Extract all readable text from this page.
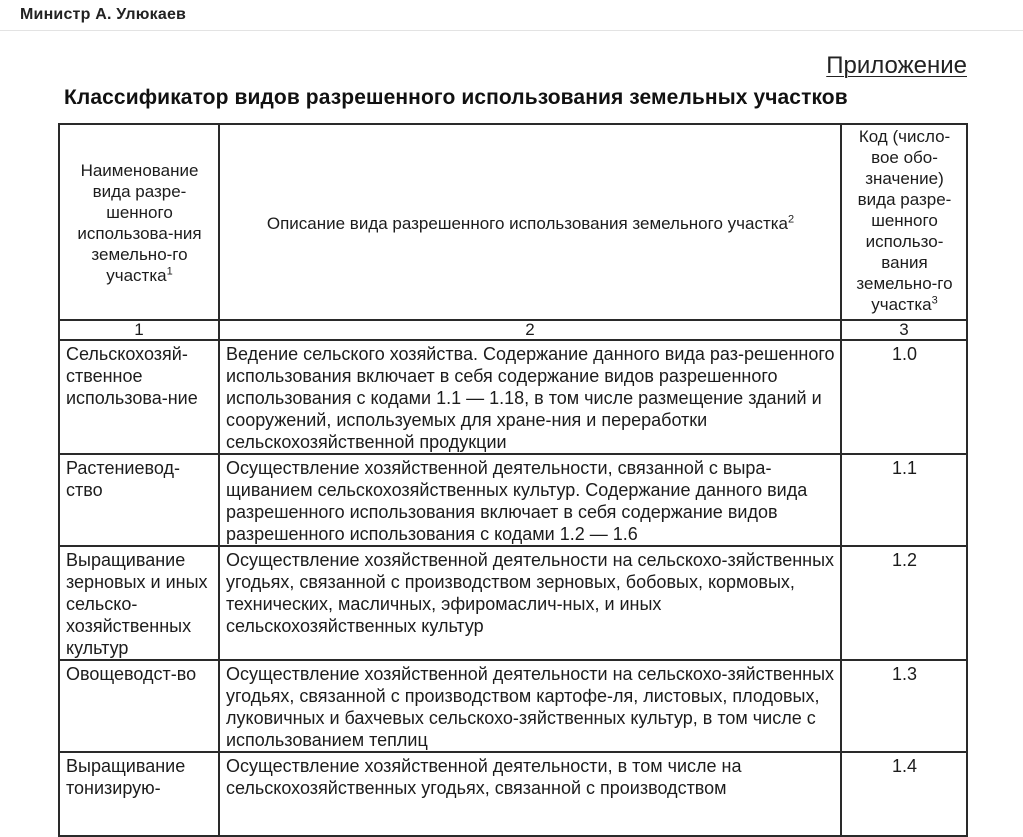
Министр А. Улюкаев
Приложение
Классификатор видов разрешенного использования земельных участков
Наименование вида разре-шенного использова-ния земельно-го участка$^1$	Описание вида разрешенного использования земельного участка$^2$	Код (число-вое обо-значение) вида разре-шенного использо-вания земельно-го участка$^3$
1	2	3
Сельскохозяй-ственное использова-ние	Ведение сельского хозяйства. Содержание данного вида раз-решенного использования включает в себя содержание видов разрешенного использования с кодами 1.1 — 1.18, в том числе размещение зданий и сооружений, используемых для хране-ния и переработки сельскохозяйственной продукции	1.0
Растениевод-ство	Осуществление хозяйственной деятельности, связанной с выра-щиванием сельскохозяйственных культур. Содержание данного вида разрешенного использования включает в себя содержание видов разрешенного использования с кодами 1.2 — 1.6	1.1
Выращивание зерновых и иных сельско-хозяйственных культур	Осуществление хозяйственной деятельности на сельскохо-зяйственных угодьях, связанной с производством зерновых, бобовых, кормовых, технических, масличных, эфиромаслич-ных, и иных сельскохозяйственных культур	1.2
Овощеводст-во	Осуществление хозяйственной деятельности на сельскохо-зяйственных угодьях, связанной с производством картофе-ля, листовых, плодовых, луковичных и бахчевых сельскохо-зяйственных культур, в том числе с использованием теплиц	1.3
Выращивание тонизирую-	Осуществление хозяйственной деятельности, в том числе на сельскохозяйственных угодьях, связанной с производством	1.4
